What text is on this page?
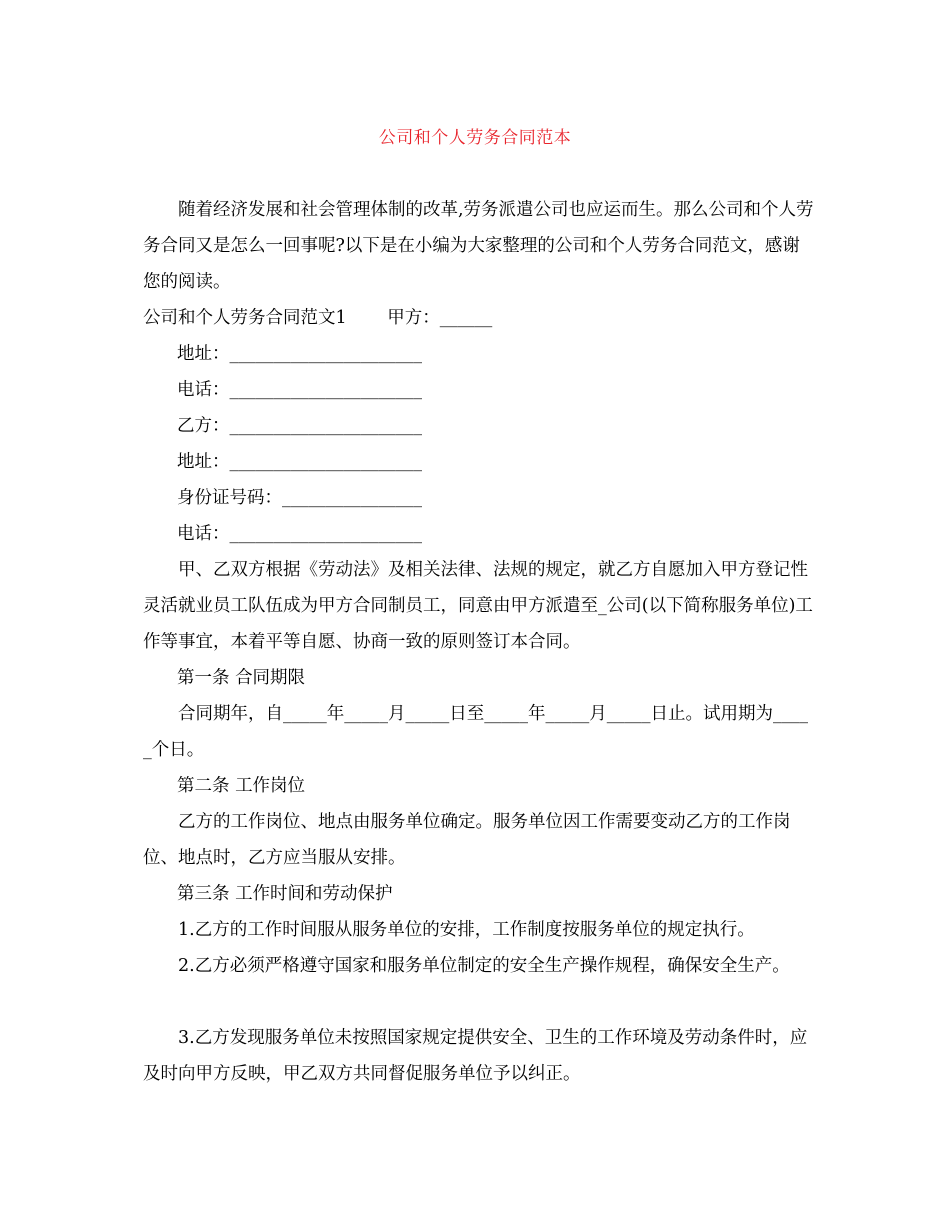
公司和个人劳务合同范本

随着经济发展和社会管理体制的改革,劳务派遣公司也应运而生。那么公司和个人劳务合同又是怎么一回事呢?以下是在小编为大家整理的公司和个人劳务合同范文，感谢您的阅读。

公司和个人劳务合同范文1　　 甲方：______
地址：______________________
电话：______________________
乙方：______________________
地址：______________________
身份证号码：________________
电话：______________________

甲、乙双方根据《劳动法》及相关法律、法规的规定，就乙方自愿加入甲方登记性灵活就业员工队伍成为甲方合同制员工，同意由甲方派遣至_公司(以下简称服务单位)工作等事宜，本着平等自愿、协商一致的原则签订本合同。

第一条 合同期限

合同期年，自_____年_____月_____日至_____年_____月_____日止。试用期为_____个日。

第二条 工作岗位

乙方的工作岗位、地点由服务单位确定。服务单位因工作需要变动乙方的工作岗位、地点时，乙方应当服从安排。

第三条 工作时间和劳动保护

1.乙方的工作时间服从服务单位的安排，工作制度按服务单位的规定执行。

2.乙方必须严格遵守国家和服务单位制定的安全生产操作规程，确保安全生产。

3.乙方发现服务单位未按照国家规定提供安全、卫生的工作环境及劳动条件时，应及时向甲方反映，甲乙双方共同督促服务单位予以纠正。
